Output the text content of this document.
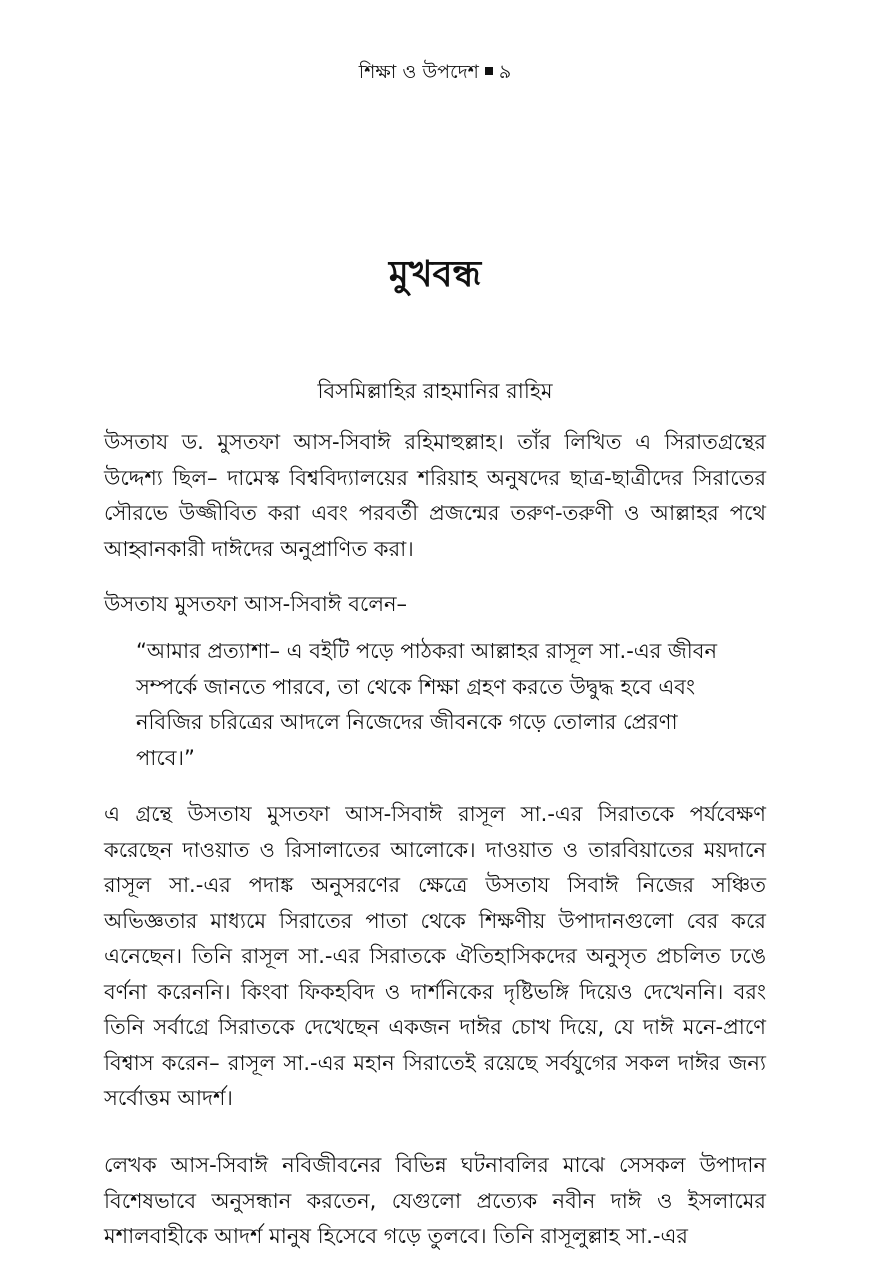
শিক্ষা ও উপদেশ ৯
মুখবন্ধ
বিসমিল্লাহির রাহমানির রাহিম

উসতায ড. মুসতফা আস-সিবাঈ রহিমাহুল্লাহ। তাঁর লিখিত এ সিরাতগ্রন্থের উদ্দেশ্য ছিল– দামেস্ক বিশ্ববিদ্যালয়ের শরিয়াহ অনুষদের ছাত্র-ছাত্রীদের সিরাতের সৌরভে উজ্জীবিত করা এবং পরবর্তী প্রজন্মের তরুণ-তরুণী ও আল্লাহর পথে আহ্বানকারী দাঈদের অনুপ্রাণিত করা।

উসতায মুসতফা আস-সিবাঈ বলেন–

“আমার প্রত্যাশা– এ বইটি পড়ে পাঠকরা আল্লাহর রাসূল সা.-এর জীবন সম্পর্কে জানতে পারবে, তা থেকে শিক্ষা গ্রহণ করতে উদ্বুদ্ধ হবে এবং নবিজির চরিত্রের আদলে নিজেদের জীবনকে গড়ে তোলার প্রেরণা পাবে।”

এ গ্রন্থে উসতায মুসতফা আস-সিবাঈ রাসূল সা.-এর সিরাতকে পর্যবেক্ষণ করেছেন দাওয়াত ও রিসালাতের আলোকে। দাওয়াত ও তারবিয়াতের ময়দানে রাসূল সা.-এর পদাঙ্ক অনুসরণের ক্ষেত্রে উসতায সিবাঈ নিজের সঞ্চিত অভিজ্ঞতার মাধ্যমে সিরাতের পাতা থেকে শিক্ষণীয় উপাদানগুলো বের করে এনেছেন। তিনি রাসূল সা.-এর সিরাতকে ঐতিহাসিকদের অনুসৃত প্রচলিত ঢঙে বর্ণনা করেননি। কিংবা ফিকহবিদ ও দার্শনিকের দৃষ্টিভঙ্গি দিয়েও দেখেননি। বরং তিনি সর্বাগ্রে সিরাতকে দেখেছেন একজন দাঈর চোখ দিয়ে, যে দাঈ মনে-প্রাণে বিশ্বাস করেন– রাসূল সা.-এর মহান সিরাতেই রয়েছে সর্বযুগের সকল দাঈর জন্য সর্বোত্তম আদর্শ।

লেখক আস-সিবাঈ নবিজীবনের বিভিন্ন ঘটনাবলির মাঝে সেসকল উপাদান বিশেষভাবে অনুসন্ধান করতেন, যেগুলো প্রত্যেক নবীন দাঈ ও ইসলামের মশালবাহীকে আদর্শ মানুষ হিসেবে গড়ে তুলবে। তিনি রাসূলুল্লাহ সা.-এর
